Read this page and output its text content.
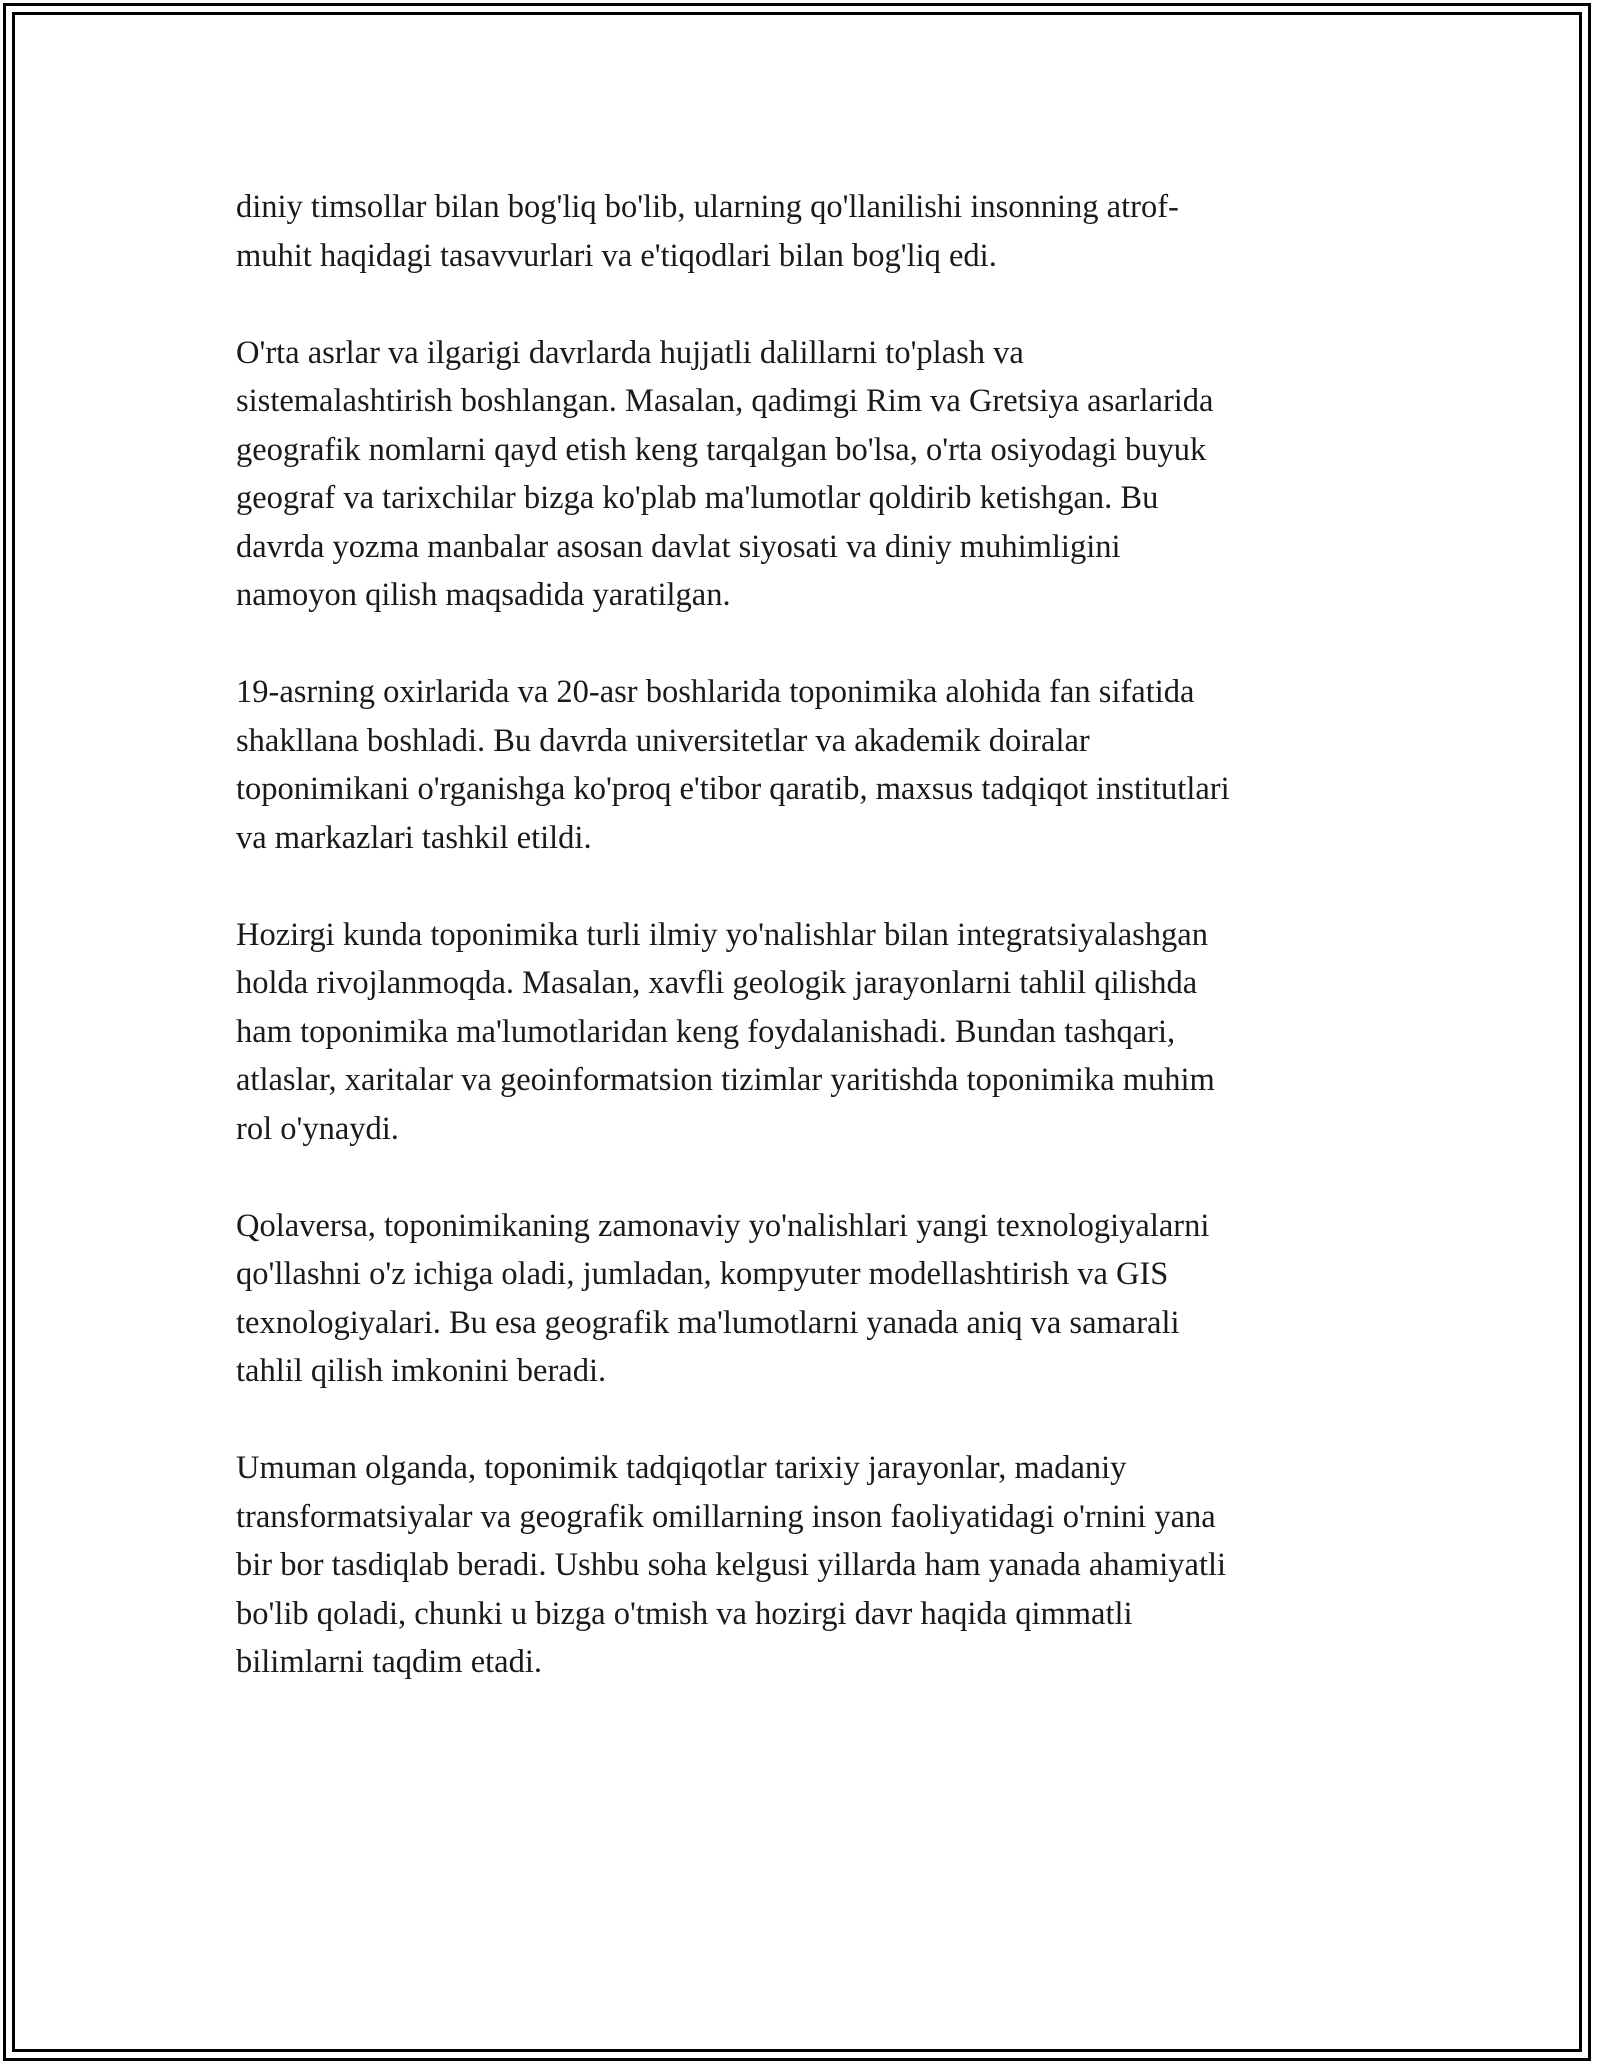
diniy timsollar bilan bog'liq bo'lib, ularning qo'llanilishi insonning atrof-
muhit haqidagi tasavvurlari va e'tiqodlari bilan bog'liq edi.

O'rta asrlar va ilgarigi davrlarda hujjatli dalillarni to'plash va
sistemalashtirish boshlangan. Masalan, qadimgi Rim va Gretsiya asarlarida
geografik nomlarni qayd etish keng tarqalgan bo'lsa, o'rta osiyodagi buyuk
geograf va tarixchilar bizga ko'plab ma'lumotlar qoldirib ketishgan. Bu
davrda yozma manbalar asosan davlat siyosati va diniy muhimligini
namoyon qilish maqsadida yaratilgan.

19-asrning oxirlarida va 20-asr boshlarida toponimika alohida fan sifatida
shakllana boshladi. Bu davrda universitetlar va akademik doiralar
toponimikani o'rganishga ko'proq e'tibor qaratib, maxsus tadqiqot institutlari
va markazlari tashkil etildi.

Hozirgi kunda toponimika turli ilmiy yo'nalishlar bilan integratsiyalashgan
holda rivojlanmoqda. Masalan, xavfli geologik jarayonlarni tahlil qilishda
ham toponimika ma'lumotlaridan keng foydalanishadi. Bundan tashqari,
atlaslar, xaritalar va geoinformatsion tizimlar yaritishda toponimika muhim
rol o'ynaydi.

Qolaversa, toponimikaning zamonaviy yo'nalishlari yangi texnologiyalarni
qo'llashni o'z ichiga oladi, jumladan, kompyuter modellashtirish va GIS
texnologiyalari. Bu esa geografik ma'lumotlarni yanada aniq va samarali
tahlil qilish imkonini beradi.

Umuman olganda, toponimik tadqiqotlar tarixiy jarayonlar, madaniy
transformatsiyalar va geografik omillarning inson faoliyatidagi o'rnini yana
bir bor tasdiqlab beradi. Ushbu soha kelgusi yillarda ham yanada ahamiyatli
bo'lib qoladi, chunki u bizga o'tmish va hozirgi davr haqida qimmatli
bilimlarni taqdim etadi.
